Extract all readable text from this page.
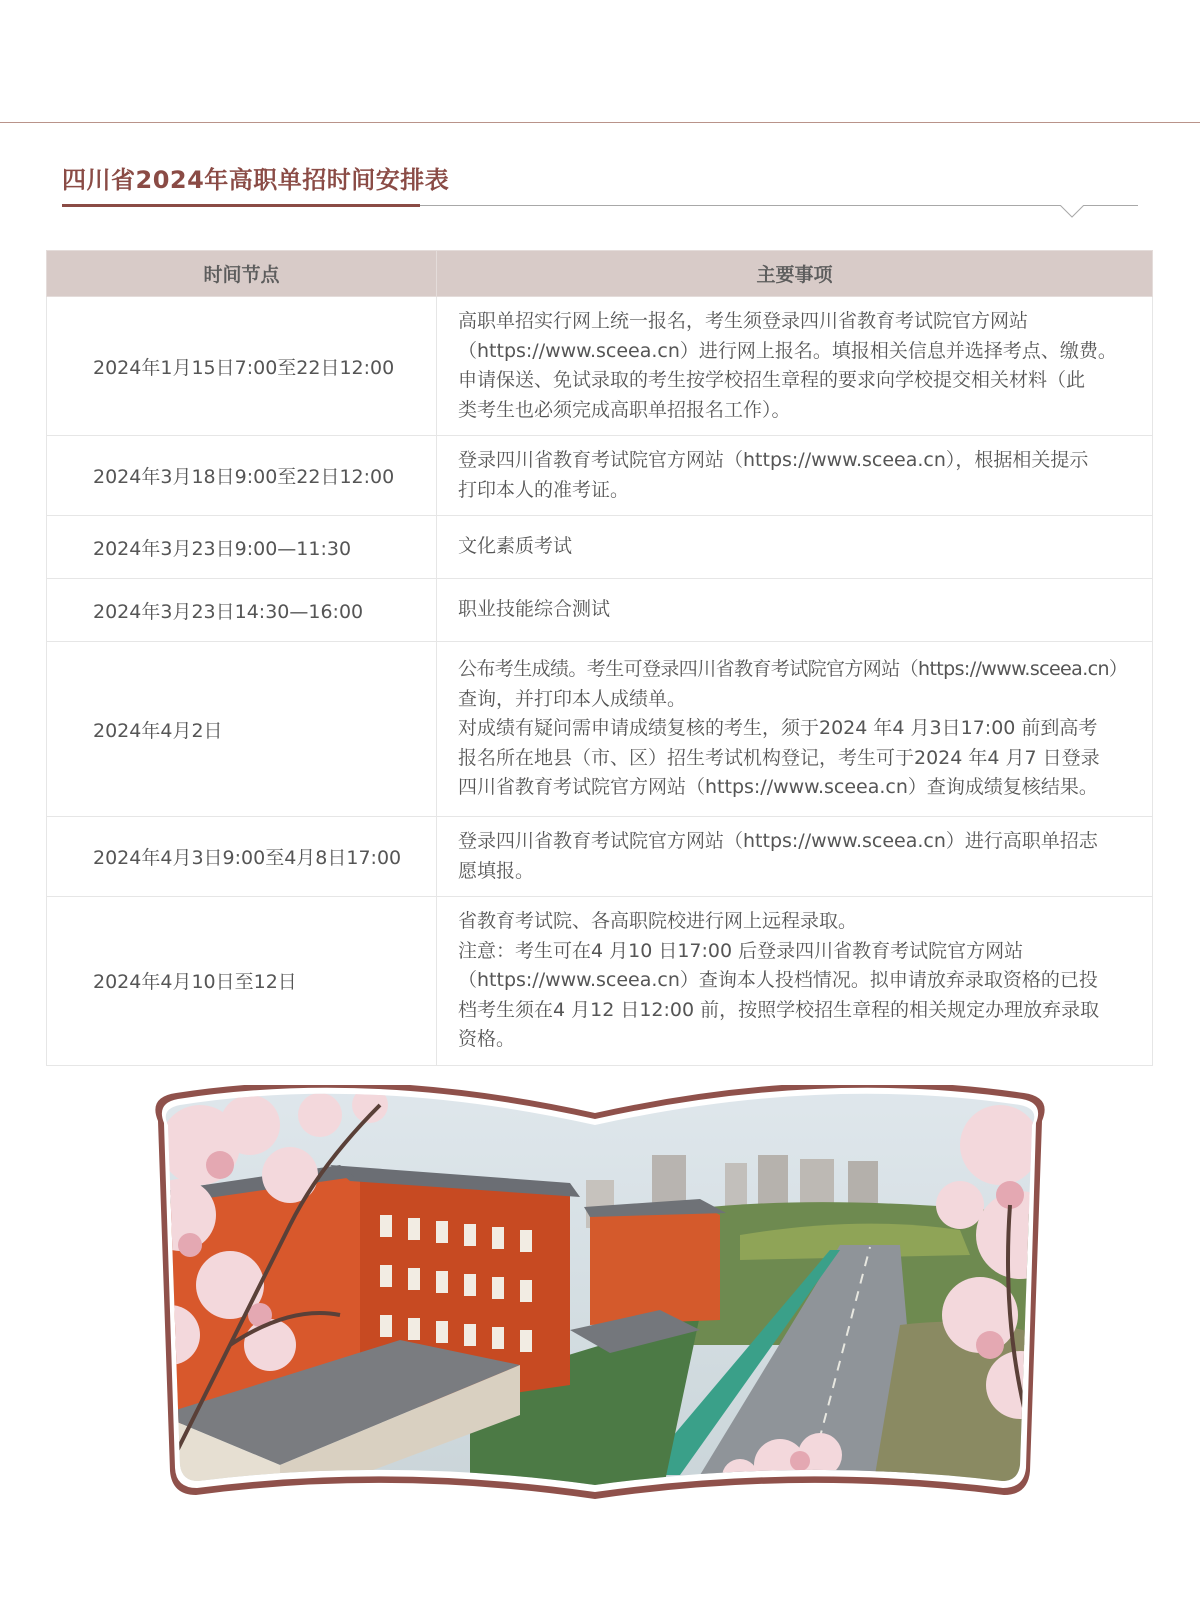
四川省2024年高职单招时间安排表
时间节点	主要事项
2024年1月15日7:00至22日12:00	高职单招实行网上统一报名，考生须登录四川省教育考试院官方网站
（https://www.sceea.cn）进行网上报名。填报相关信息并选择考点、缴费。
申请保送、免试录取的考生按学校招生章程的要求向学校提交相关材料（此
类考生也必须完成高职单招报名工作）。

2024年3月18日9:00至22日12:00	登录四川省教育考试院官方网站（https://www.sceea.cn），根据相关提示
打印本人的准考证。

2024年3月23日9:00—11:30	文化素质考试

2024年3月23日14:30—16:00	职业技能综合测试

2024年4月2日	公布考生成绩。考生可登录四川省教育考试院官方网站（https://www.sceea.cn）
查询，并打印本人成绩单。
对成绩有疑问需申请成绩复核的考生，须于2024 年4 月3日17:00 前到高考
报名所在地县（市、区）招生考试机构登记，考生可于2024 年4 月7 日登录
四川省教育考试院官方网站（https://www.sceea.cn）查询成绩复核结果。

2024年4月3日9:00至4月8日17:00	登录四川省教育考试院官方网站（https://www.sceea.cn）进行高职单招志
愿填报。

2024年4月10日至12日	省教育考试院、各高职院校进行网上远程录取。
注意：考生可在4 月10 日17:00 后登录四川省教育考试院官方网站
（https://www.sceea.cn）查询本人投档情况。拟申请放弃录取资格的已投
档考生须在4 月12 日12:00 前，按照学校招生章程的相关规定办理放弃录取
资格。
